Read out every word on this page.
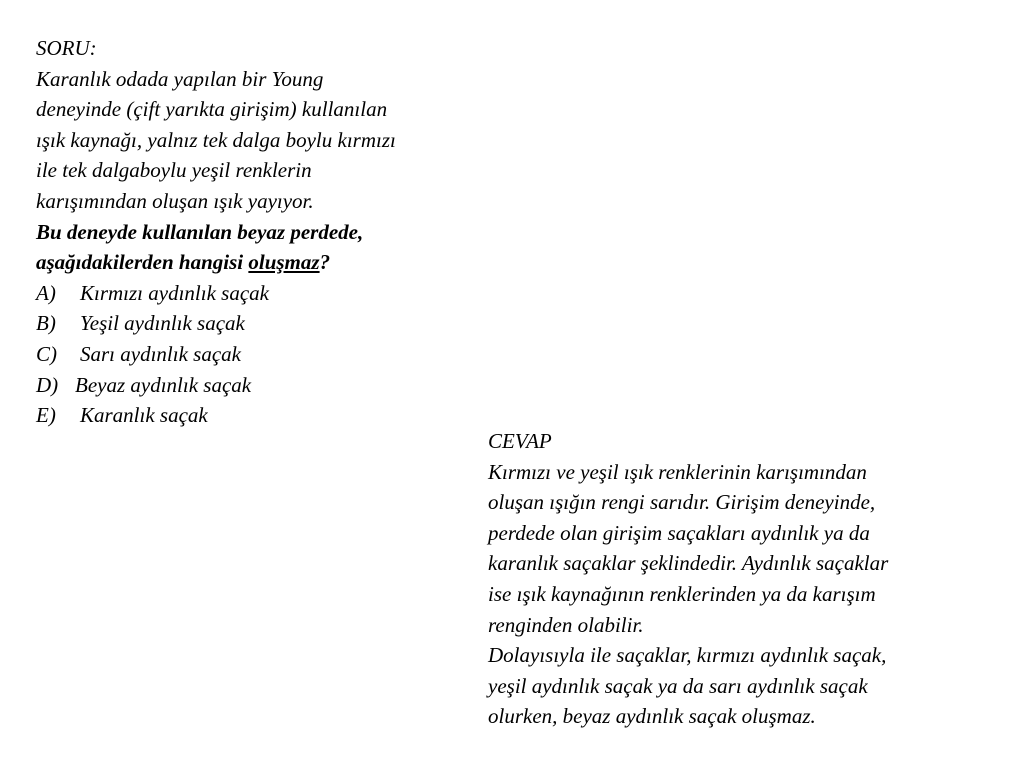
SORU:
Karanlık odada yapılan bir Young
deneyinde (çift yarıkta girişim) kullanılan
ışık kaynağı, yalnız tek dalga boylu kırmızı
ile tek dalgaboylu yeşil renklerin
karışımından oluşan ışık yayıyor.
Bu deneyde kullanılan beyaz perdede,
aşağıdakilerden hangisi oluşmaz?
A) Kırmızı aydınlık saçak
B) Yeşil aydınlık saçak
C) Sarı aydınlık saçak
D) Beyaz aydınlık saçak
E) Karanlık saçak
CEVAP
Kırmızı ve yeşil ışık renklerinin karışımından
oluşan ışığın rengi sarıdır. Girişim deneyinde,
perdede olan girişim saçakları aydınlık ya da
karanlık saçaklar şeklindedir. Aydınlık saçaklar
ise ışık kaynağının renklerinden ya da karışım
renginden olabilir.
Dolayısıyla ile saçaklar, kırmızı aydınlık saçak,
yeşil aydınlık saçak ya da sarı aydınlık saçak
olurken, beyaz aydınlık saçak oluşmaz.
